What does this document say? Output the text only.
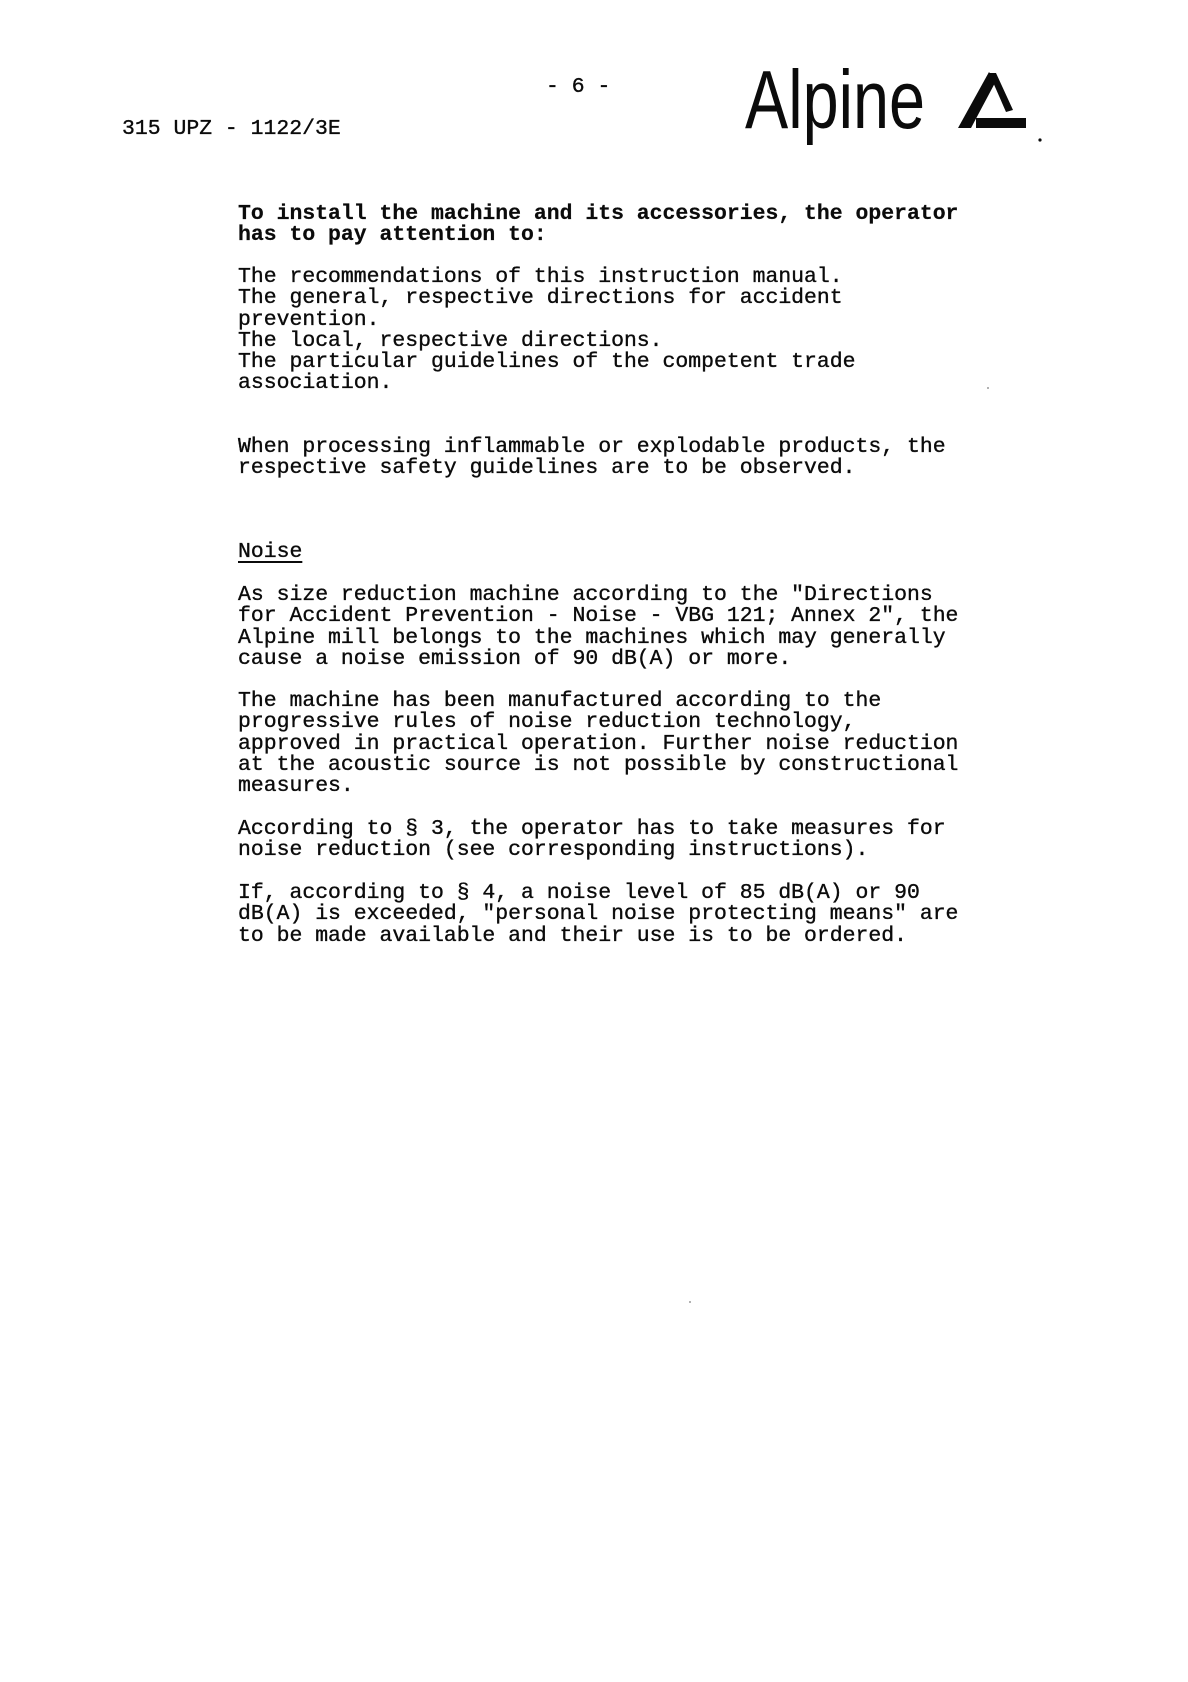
- 6 -
315 UPZ - 1122/3E	Alpine
To install the machine and its accessories, the operator
has to pay attention to:
The recommendations of this instruction manual.
The general, respective directions for accident
prevention.
The local, respective directions.
The particular guidelines of the competent trade
association.
When processing inflammable or explodable products, the
respective safety guidelines are to be observed.
Noise
As size reduction machine according to the "Directions
for Accident Prevention - Noise - VBG 121; Annex 2", the
Alpine mill belongs to the machines which may generally
cause a noise emission of 90 dB(A) or more.
The machine has been manufactured according to the
progressive rules of noise reduction technology,
approved in practical operation. Further noise reduction
at the acoustic source is not possible by constructional
measures.
According to § 3, the operator has to take measures for
noise reduction (see corresponding instructions).
If, according to § 4, a noise level of 85 dB(A) or 90
dB(A) is exceeded, "personal noise protecting means" are
to be made available and their use is to be ordered.
